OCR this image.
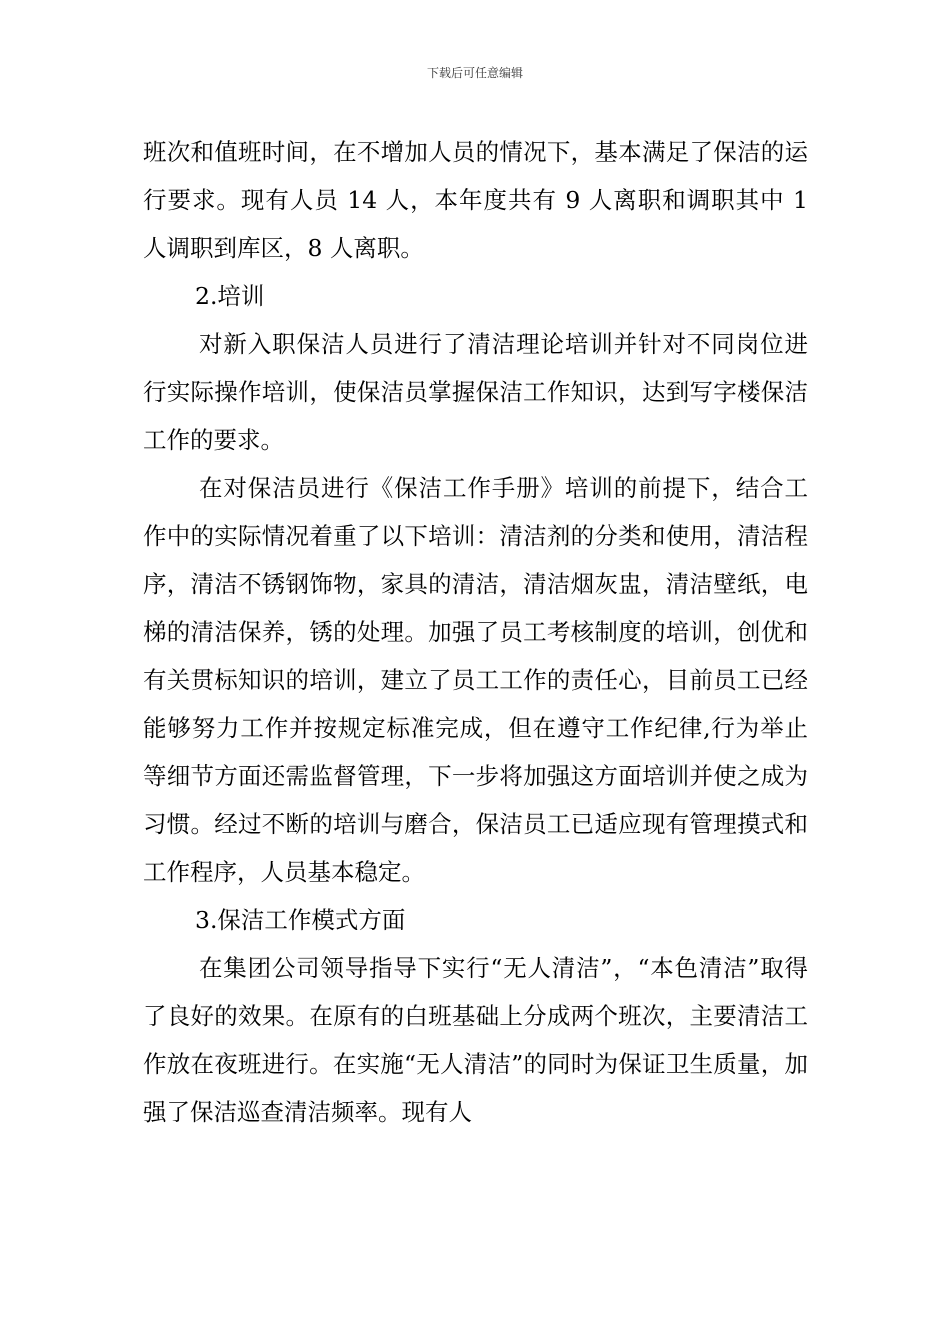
下载后可任意编辑

班次和值班时间，在不增加人员的情况下，基本满足了保洁的运行要求。现有人员 14 人，本年度共有 9 人离职和调职其中 1 人调职到库区，8 人离职。

2.培训

对新入职保洁人员进行了清洁理论培训并针对不同岗位进行实际操作培训，使保洁员掌握保洁工作知识，达到写字楼保洁工作的要求。

在对保洁员进行《保洁工作手册》培训的前提下，结合工作中的实际情况着重了以下培训：清洁剂的分类和使用，清洁程序，清洁不锈钢饰物，家具的清洁，清洁烟灰盅，清洁壁纸，电梯的清洁保养，锈的处理。加强了员工考核制度的培训，创优和有关贯标知识的培训，建立了员工工作的责任心，目前员工已经能够努力工作并按规定标准完成，但在遵守工作纪律,行为举止等细节方面还需监督管理，下一步将加强这方面培训并使之成为习惯。经过不断的培训与磨合，保洁员工已适应现有管理摸式和工作程序，人员基本稳定。

3.保洁工作模式方面

在集团公司领导指导下实行“无人清洁”，“本色清洁”取得了良好的效果。在原有的白班基础上分成两个班次，主要清洁工作放在夜班进行。在实施“无人清洁”的同时为保证卫生质量，加强了保洁巡查清洁频率。现有人
